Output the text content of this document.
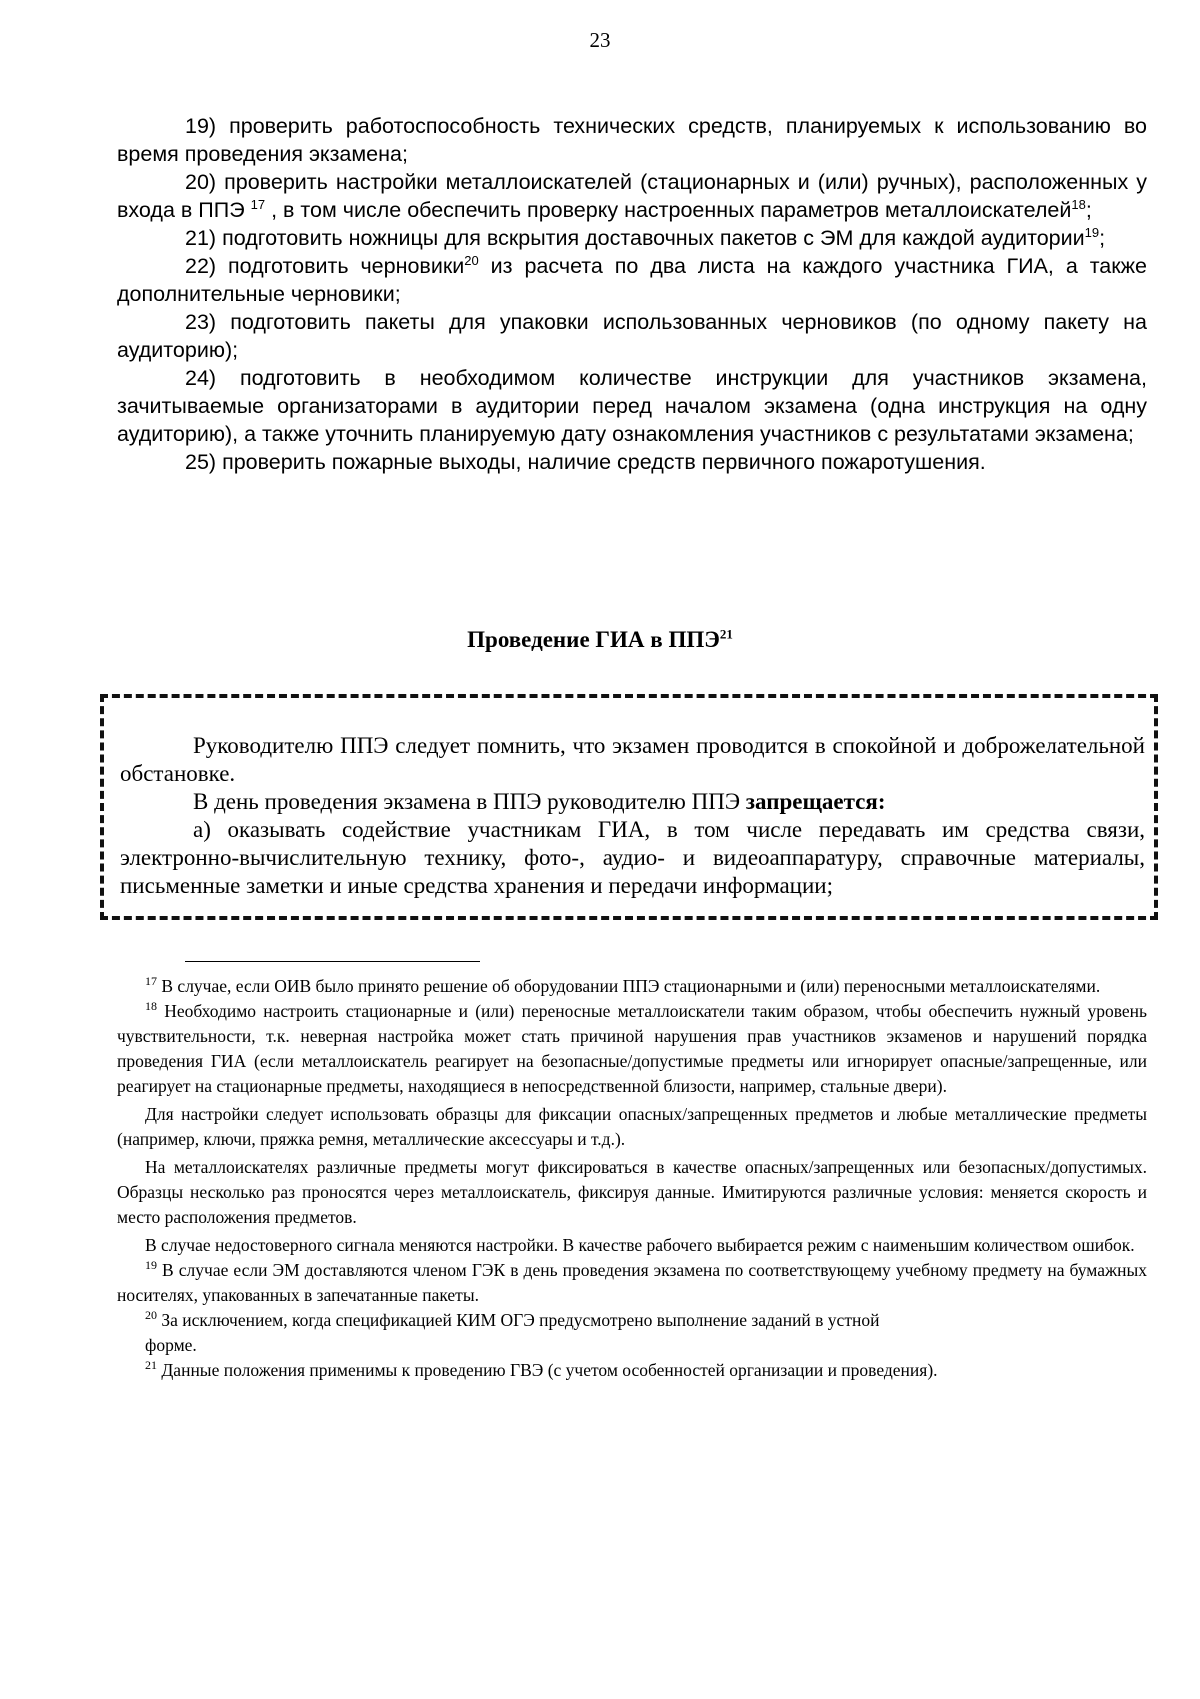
23

19) проверить работоспособность технических средств, планируемых к использованию во время проведения экзамена;

20) проверить настройки металлоискателей (стационарных и (или) ручных), расположенных у входа в ППЭ $^{17}$ , в том числе обеспечить проверку настроенных параметров металлоискателей$^{18}$;

21) подготовить ножницы для вскрытия доставочных пакетов с ЭМ для каждой аудитории$^{19}$;

22) подготовить черновики$^{20}$ из расчета по два листа на каждого участника ГИА, а также дополнительные черновики;

23) подготовить пакеты для упаковки использованных черновиков (по одному пакету на аудиторию);

24) подготовить в необходимом количестве инструкции для участников экзамена, зачитываемые организаторами в аудитории перед началом экзамена (одна инструкция на одну аудиторию), а также уточнить планируемую дату ознакомления участников с результатами экзамена;

25) проверить пожарные выходы, наличие средств первичного пожаротушения.

Проведение ГИА в ППЭ$^{21}$

Руководителю ППЭ следует помнить, что экзамен проводится в спокойной и доброжелательной обстановке.

В день проведения экзамена в ППЭ руководителю ППЭ запрещается:

а) оказывать содействие участникам ГИА, в том числе передавать им средства связи, электронно-вычислительную технику, фото-, аудио- и видеоаппаратуру, справочные материалы, письменные заметки и иные средства хранения и передачи информации;

$^{17}$ В случае, если ОИВ было принято решение об оборудовании ППЭ стационарными и (или) переносными металлоискателями.

$^{18}$ Необходимо настроить стационарные и (или) переносные металлоискатели таким образом, чтобы обеспечить нужный уровень чувствительности, т.к. неверная настройка может стать причиной нарушения прав участников экзаменов и нарушений порядка проведения ГИА (если металлоискатель реагирует на безопасные/допустимые предметы или игнорирует опасные/запрещенные, или реагирует на стационарные предметы, находящиеся в непосредственной близости, например, стальные двери).

Для настройки следует использовать образцы для фиксации опасных/запрещенных предметов и любые металлические предметы (например, ключи, пряжка ремня, металлические аксессуары и т.д.).

На металлоискателях различные предметы могут фиксироваться в качестве опасных/запрещенных или безопасных/допустимых. Образцы несколько раз проносятся через металлоискатель, фиксируя данные. Имитируются различные условия: меняется скорость и место расположения предметов.

В случае недостоверного сигнала меняются настройки. В качестве рабочего выбирается режим с наименьшим количеством ошибок.

$^{19}$ В случае если ЭМ доставляются членом ГЭК в день проведения экзамена по соответствующему учебному предмету на бумажных носителях, упакованных в запечатанные пакеты.

$^{20}$ За исключением, когда спецификацией КИМ ОГЭ предусмотрено выполнение заданий в устной

форме.

$^{21}$ Данные положения применимы к проведению ГВЭ (с учетом особенностей организации и проведения).
